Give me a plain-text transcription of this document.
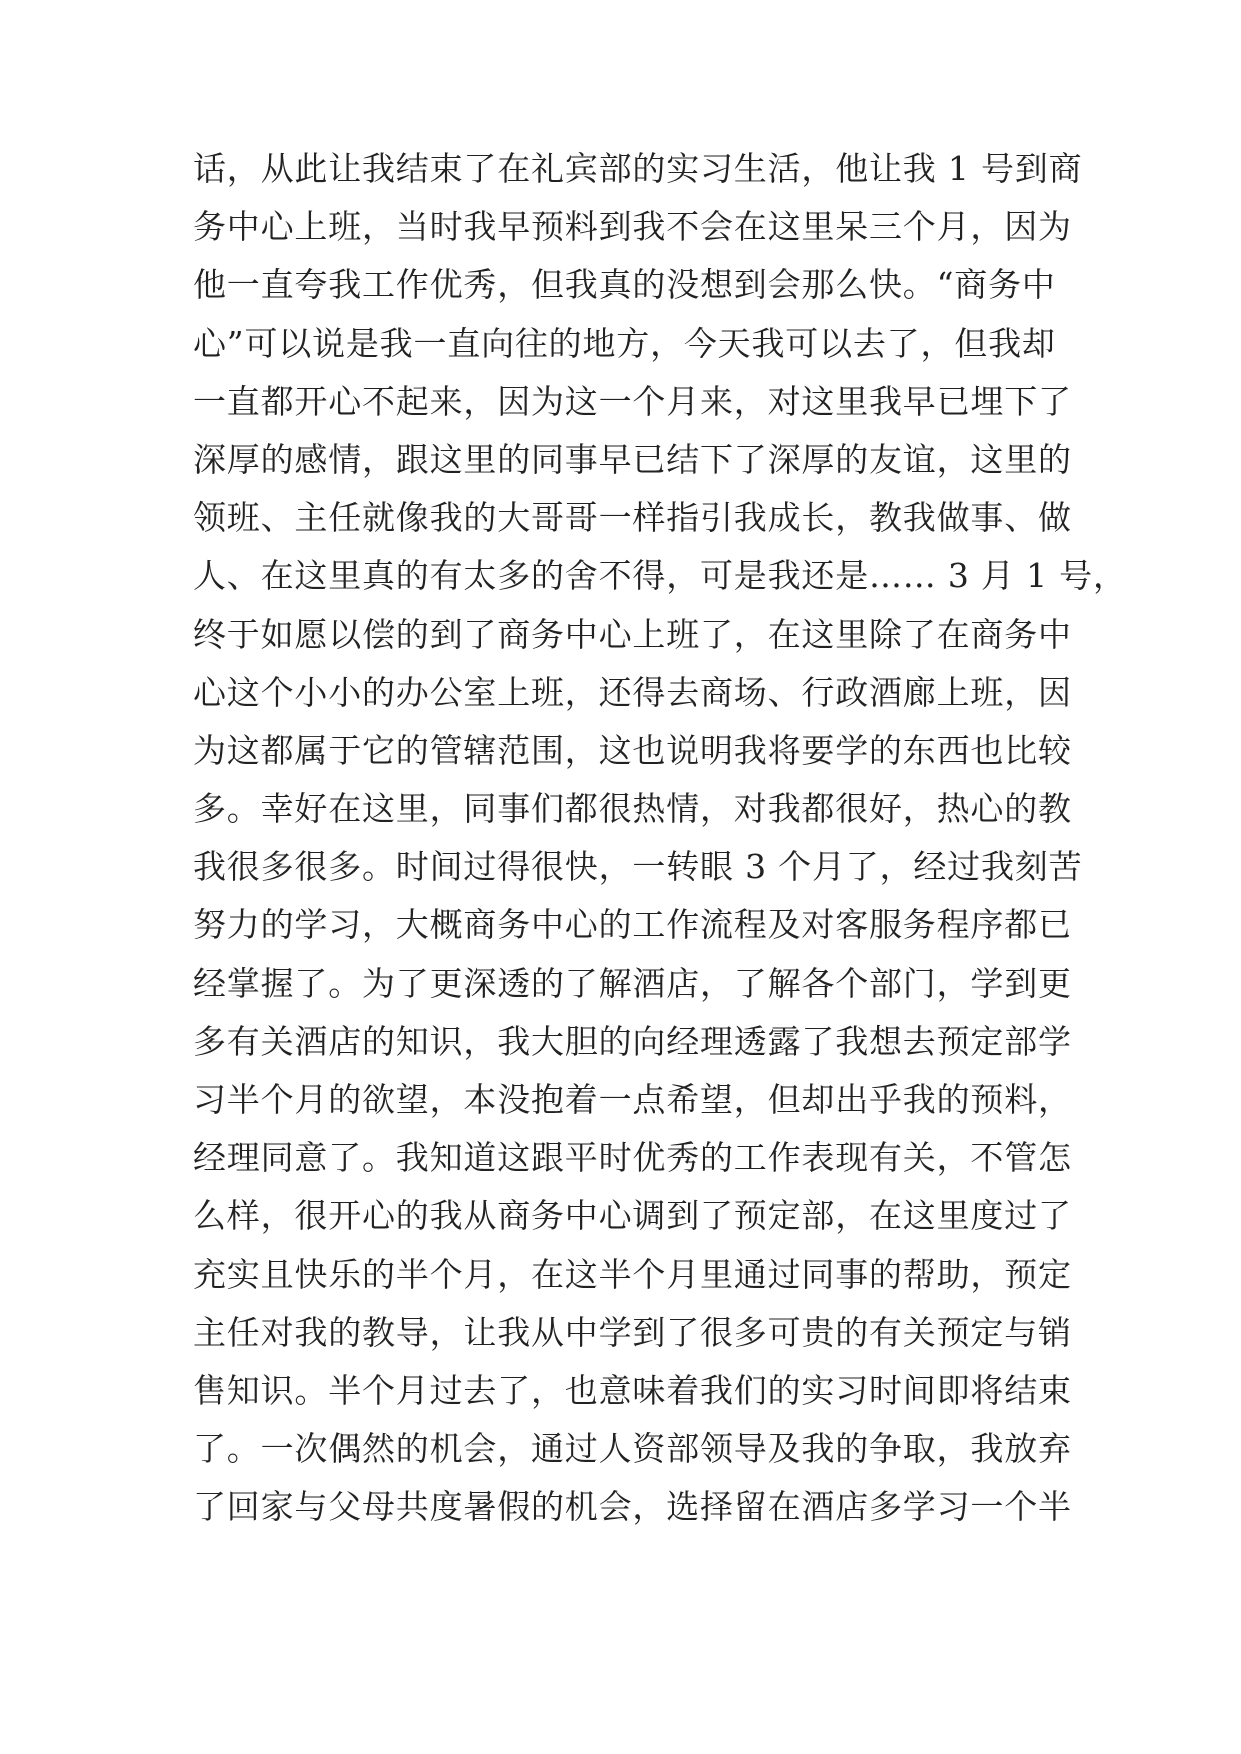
话，从此让我结束了在礼宾部的实习生活，他让我 1 号到商
务中心上班，当时我早预料到我不会在这里呆三个月，因为
他一直夸我工作优秀，但我真的没想到会那么快。“商务中
心”可以说是我一直向往的地方，今天我可以去了，但我却
一直都开心不起来，因为这一个月来，对这里我早已埋下了
深厚的感情，跟这里的同事早已结下了深厚的友谊，这里的
领班、主任就像我的大哥哥一样指引我成长，教我做事、做
人、在这里真的有太多的舍不得，可是我还是…… 3 月 1 号，
终于如愿以偿的到了商务中心上班了，在这里除了在商务中
心这个小小的办公室上班，还得去商场、行政酒廊上班，因
为这都属于它的管辖范围，这也说明我将要学的东西也比较
多。幸好在这里，同事们都很热情，对我都很好，热心的教
我很多很多。时间过得很快，一转眼 3 个月了，经过我刻苦
努力的学习，大概商务中心的工作流程及对客服务程序都已
经掌握了。为了更深透的了解酒店，了解各个部门，学到更
多有关酒店的知识，我大胆的向经理透露了我想去预定部学
习半个月的欲望，本没抱着一点希望，但却出乎我的预料，
经理同意了。我知道这跟平时优秀的工作表现有关，不管怎
么样，很开心的我从商务中心调到了预定部，在这里度过了
充实且快乐的半个月，在这半个月里通过同事的帮助，预定
主任对我的教导，让我从中学到了很多可贵的有关预定与销
售知识。半个月过去了，也意味着我们的实习时间即将结束
了。一次偶然的机会，通过人资部领导及我的争取，我放弃
了回家与父母共度暑假的机会，选择留在酒店多学习一个半
